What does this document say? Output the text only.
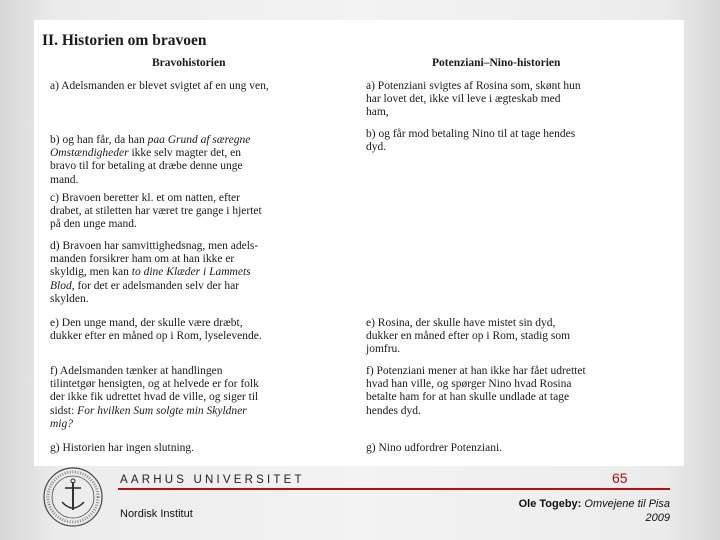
II. Historien om bravoen
Bravohistorien	Potenziani–Nino-historien
a) Adelsmanden er blevet svigtet af en ung ven,
b) og han får, da han paa Grund af særegne
Omstændigheder ikke selv magter det, en
bravo til for betaling at dræbe denne unge
mand.
c) Bravoen beretter kl. et om natten, efter
drabet, at stiletten har været tre gange i hjertet
på den unge mand.
d) Bravoen har samvittighedsnag, men adels-
manden forsikrer ham om at han ikke er
skyldig, men kan to dine Klæder i Lammets
Blod, for det er adelsmanden selv der har
skylden.
e) Den unge mand, der skulle være dræbt,
dukker efter en måned op i Rom, lyselevende.
f) Adelsmanden tænker at handlingen
tilintetgør hensigten, og at helvede er for folk
der ikke fik udrettet hvad de ville, og siger til
sidst: For hvilken Sum solgte min Skyldner
mig?
g) Historien har ingen slutning.
a) Potenziani svigtes af Rosina som, skønt hun
har lovet det, ikke vil leve i ægteskab med
ham,
b) og får mod betaling Nino til at tage hendes
dyd.
e) Rosina, der skulle have mistet sin dyd,
dukker en måned efter op i Rom, stadig som
jomfru.
f) Potenziani mener at han ikke har fået udrettet
hvad han ville, og spørger Nino hvad Rosina
betalte ham for at han skulle undlade at tage
hendes dyd.
g) Nino udfordrer Potenziani.
AARHUS UNIVERSITET	65
Nordisk Institut
Ole Togeby: Omvejene til Pisa
2009
